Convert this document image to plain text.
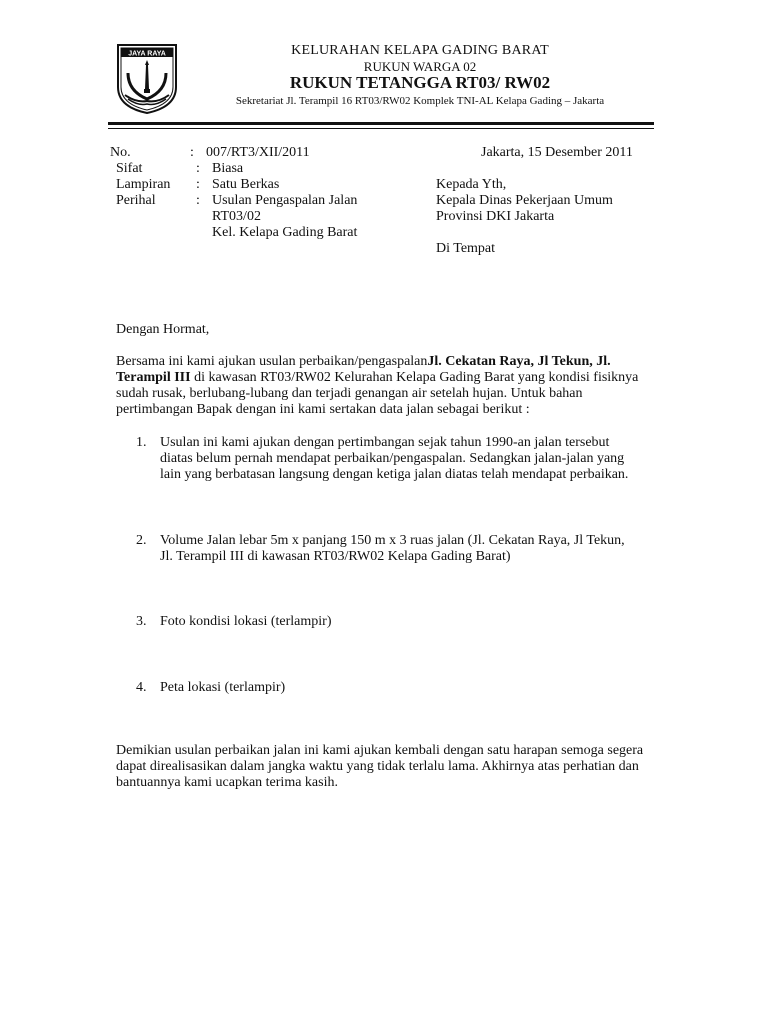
JAYA RAYA	KELURAHAN KELAPA GADING BARAT
RUKUN WARGA 02
RUKUN TETANGGA RT03/ RW02
Sekretariat Jl. Terampil 16 RT03/RW02 Komplek TNI-AL Kelapa Gading – Jakarta
No.	: 007/RT3/XII/2011
Sifat	: Biasa
Lampiran : Satu Berkas
Perihal	: Usulan Pengaspalan Jalan
RT03/02
Kel. Kelapa Gading Barat
Jakarta, 15 Desember 2011
Kepada Yth,
Kepala Dinas Pekerjaan Umum
Provinsi DKI Jakarta
Di Tempat

Dengan Hormat,

Bersama ini kami ajukan usulan perbaikan/pengaspalanJl. Cekatan Raya, Jl Tekun, Jl. Terampil III di kawasan RT03/RW02 Kelurahan Kelapa Gading Barat yang kondisi fisiknya sudah rusak, berlubang-lubang dan terjadi genangan air setelah hujan. Untuk bahan pertimbangan Bapak dengan ini kami sertakan data jalan sebagai berikut :

1. Usulan ini kami ajukan dengan pertimbangan sejak tahun 1990-an jalan tersebut diatas belum pernah mendapat perbaikan/pengaspalan. Sedangkan jalan-jalan yang lain yang berbatasan langsung dengan ketiga jalan diatas telah mendapat perbaikan.
2. Volume Jalan lebar 5m x panjang 150 m x 3 ruas jalan (Jl. Cekatan Raya, Jl Tekun, Jl. Terampil III di kawasan RT03/RW02 Kelapa Gading Barat)
3. Foto kondisi lokasi (terlampir)
4. Peta lokasi (terlampir)

Demikian usulan perbaikan jalan ini kami ajukan kembali dengan satu harapan semoga segera dapat direalisasikan dalam jangka waktu yang tidak terlalu lama. Akhirnya atas perhatian dan bantuannya kami ucapkan terima kasih.
